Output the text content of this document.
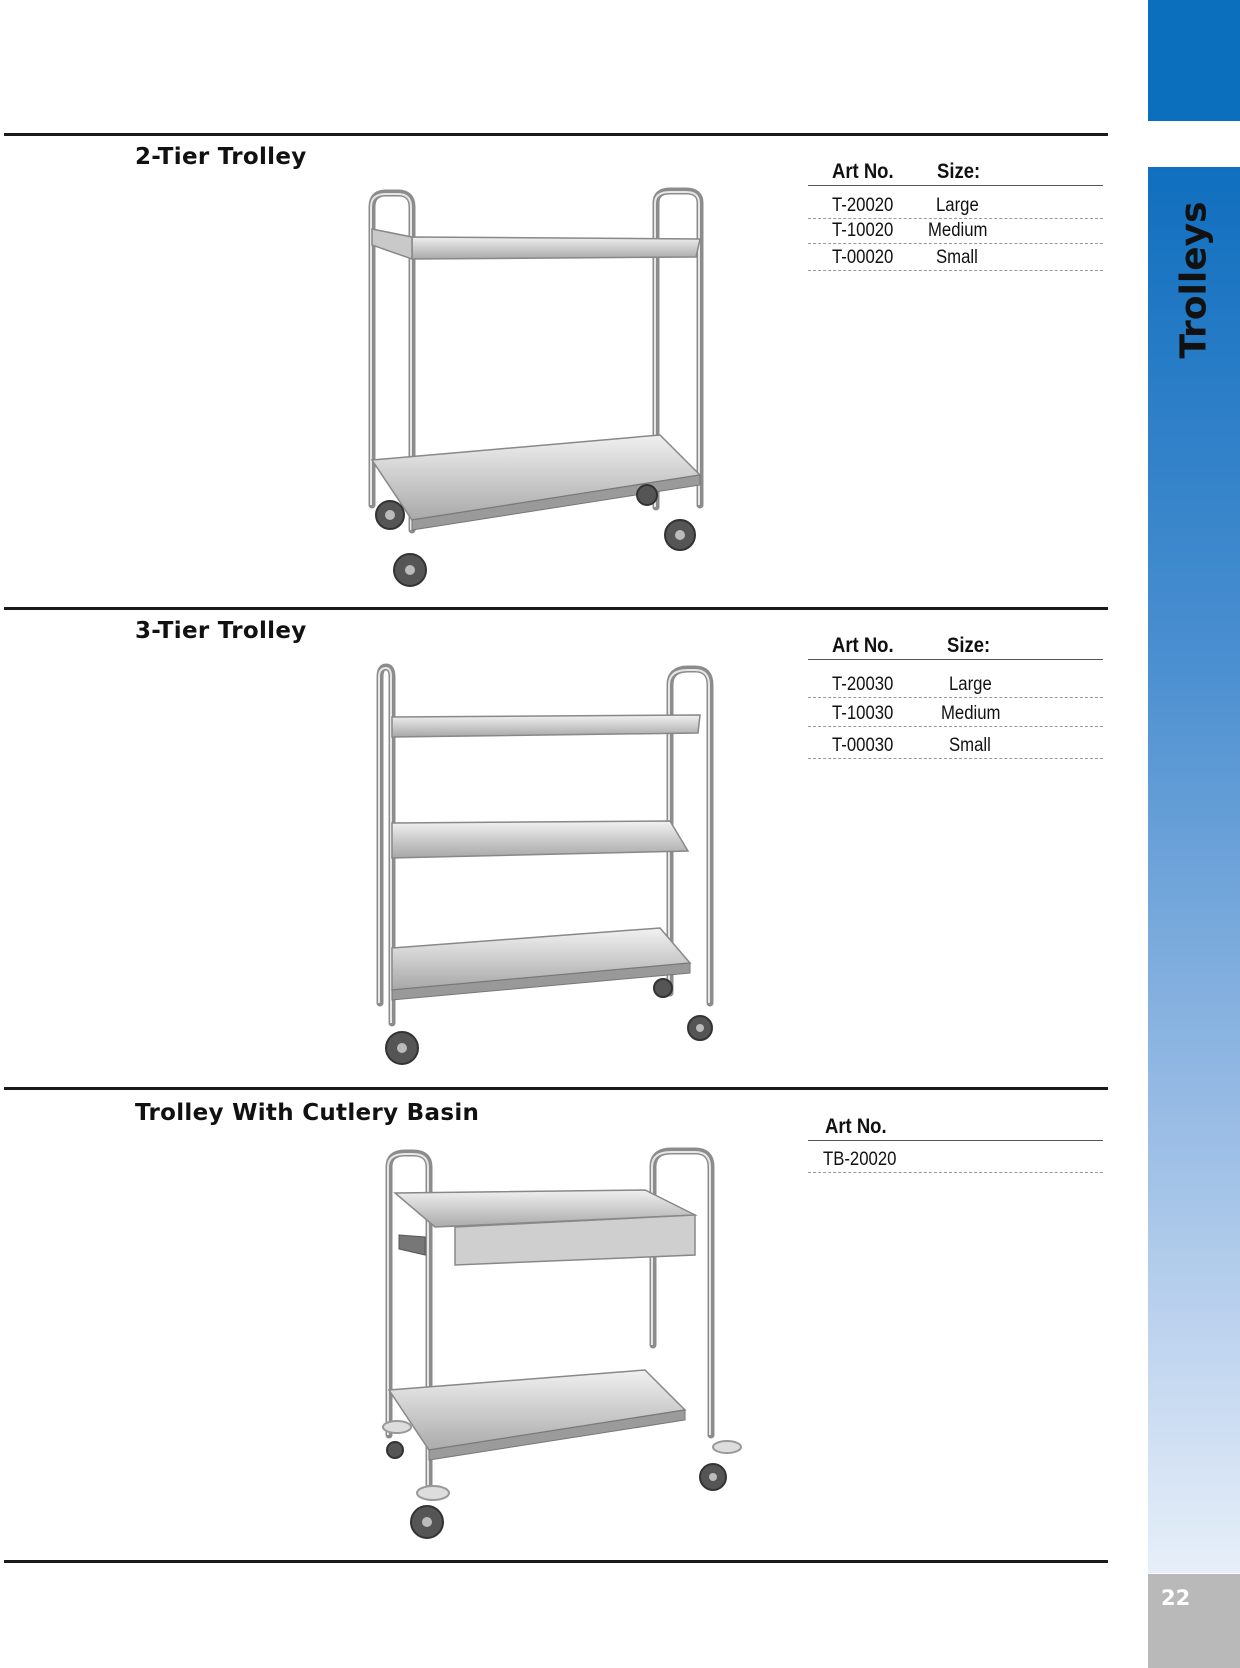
Trolleys
22
2-Tier Trolley
Art No. Size:
T-20020 Large
T-10020 Medium
T-00020 Small
3-Tier Trolley
Art No.	Size:
T-20030	Large
T-10030	Medium
T-00030	Small
Trolley With Cutlery Basin
Art No.
TB-20020
